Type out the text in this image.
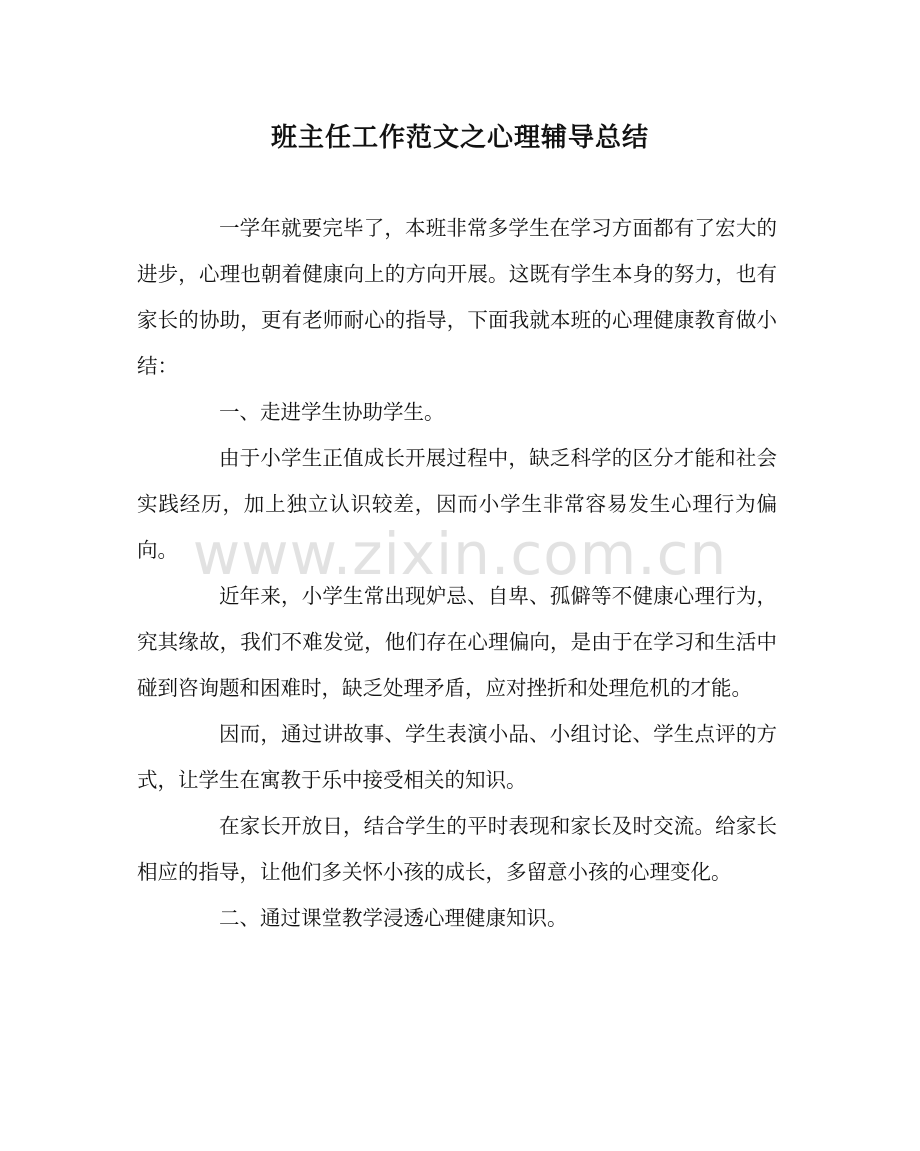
班主任工作范文之心理辅导总结

一学年就要完毕了，本班非常多学生在学习方面都有了宏大的进步，心理也朝着健康向上的方向开展。这既有学生本身的努力，也有家长的协助，更有老师耐心的指导，下面我就本班的心理健康教育做小结：

一、走进学生协助学生。

由于小学生正值成长开展过程中，缺乏科学的区分才能和社会实践经历，加上独立认识较差，因而小学生非常容易发生心理行为偏向。

近年来，小学生常出现妒忌、自卑、孤僻等不健康心理行为，究其缘故，我们不难发觉，他们存在心理偏向，是由于在学习和生活中碰到咨询题和困难时，缺乏处理矛盾，应对挫折和处理危机的才能。

因而，通过讲故事、学生表演小品、小组讨论、学生点评的方式，让学生在寓教于乐中接受相关的知识。

在家长开放日，结合学生的平时表现和家长及时交流。给家长相应的指导，让他们多关怀小孩的成长，多留意小孩的心理变化。

二、通过课堂教学浸透心理健康知识。

www.zixin.com.cn
